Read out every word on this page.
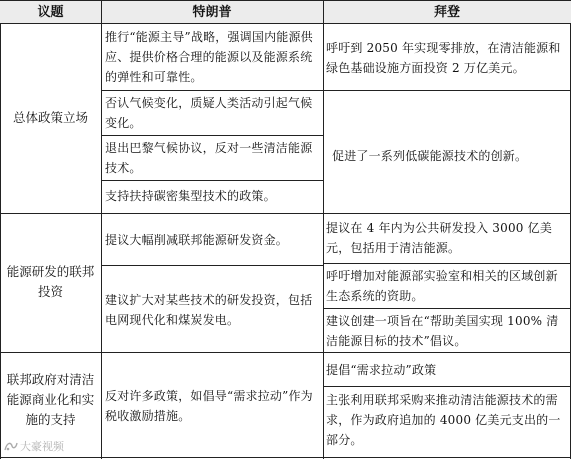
议题	特朗普	拜登
总体政策立场
推行“能源主导”战略，强调国内能源供应、提供价格合理的能源以及能源系统的弹性和可靠性。
否认气候变化，质疑人类活动引起气候变化。
退出巴黎气候协议，反对一些清洁能源技术。
支持扶持碳密集型技术的政策。
呼吁到 2050 年实现零排放，在清洁能源和绿色基础设施方面投资 2 万亿美元。
促进了一系列低碳能源技术的创新。
能源研发的联邦投资
提议大幅削减联邦能源研发资金。
建议扩大对某些技术的研发投资，包括电网现代化和煤炭发电。
提议在 4 年内为公共研发投入 3000 亿美元，包括用于清洁能源。
呼吁增加对能源部实验室和相关的区域创新生态系统的资助。
建议创建一项旨在“帮助美国实现 100% 清洁能源目标的技术”倡议。
联邦政府对清洁能源商业化和实施的支持
反对许多政策，如倡导“需求拉动”作为税收激励措施。
提倡“需求拉动”政策
主张利用联邦采购来推动清洁能源技术的需求，作为政府追加的 4000 亿美元支出的一部分。
大豪视频
